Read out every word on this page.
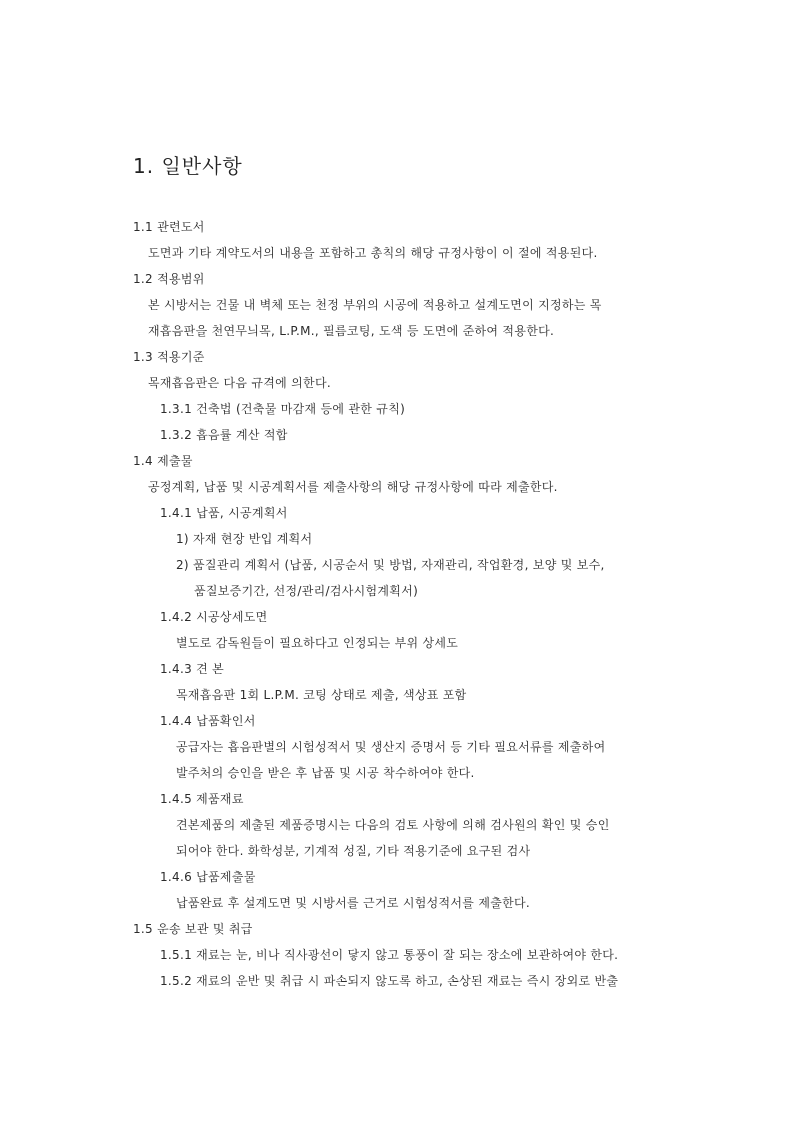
1. 일반사항
1.1 관련도서
도면과 기타 계약도서의 내용을 포함하고 총칙의 해당 규정사항이 이 절에 적용된다.
1.2 적용범위
본 시방서는 건물 내 벽체 또는 천정 부위의 시공에 적용하고 설계도면이 지정하는 목
재흡음판을 천연무늬목, L.P.M., 필름코팅, 도색 등 도면에 준하여 적용한다.
1.3 적용기준
목재흡음판은 다음 규격에 의한다.
1.3.1 건축법 (건축물 마감재 등에 관한 규칙)
1.3.2 흡음률 계산 적합
1.4 제출물
공정계획, 납품 및 시공계획서를 제출사항의 해당 규정사항에 따라 제출한다.
1.4.1 납품, 시공계획서
1) 자재 현장 반입 계획서
2) 품질관리 계획서 (납품, 시공순서 및 방법, 자재관리, 작업환경, 보양 및 보수,
품질보증기간, 선정/관리/검사시험계획서)
1.4.2 시공상세도면
별도로 감독원들이 필요하다고 인정되는 부위 상세도
1.4.3 견 본
목재흡음판 1회 L.P.M. 코팅 상태로 제출, 색상표 포함
1.4.4 납품확인서
공급자는 흡음판별의 시험성적서 및 생산지 증명서 등 기타 필요서류를 제출하여
발주처의 승인을 받은 후 납품 및 시공 착수하여야 한다.
1.4.5 제품재료
견본제품의 제출된 제품증명시는 다음의 검토 사항에 의해 검사원의 확인 및 승인
되어야 한다. 화학성분, 기계적 성질, 기타 적용기준에 요구된 검사
1.4.6 납품제출물
납품완료 후 설계도면 및 시방서를 근거로 시험성적서를 제출한다.
1.5 운송 보관 및 취급
1.5.1 재료는 눈, 비나 직사광선이 닿지 않고 통풍이 잘 되는 장소에 보관하여야 한다.
1.5.2 재료의 운반 및 취급 시 파손되지 않도록 하고, 손상된 재료는 즉시 장외로 반출
